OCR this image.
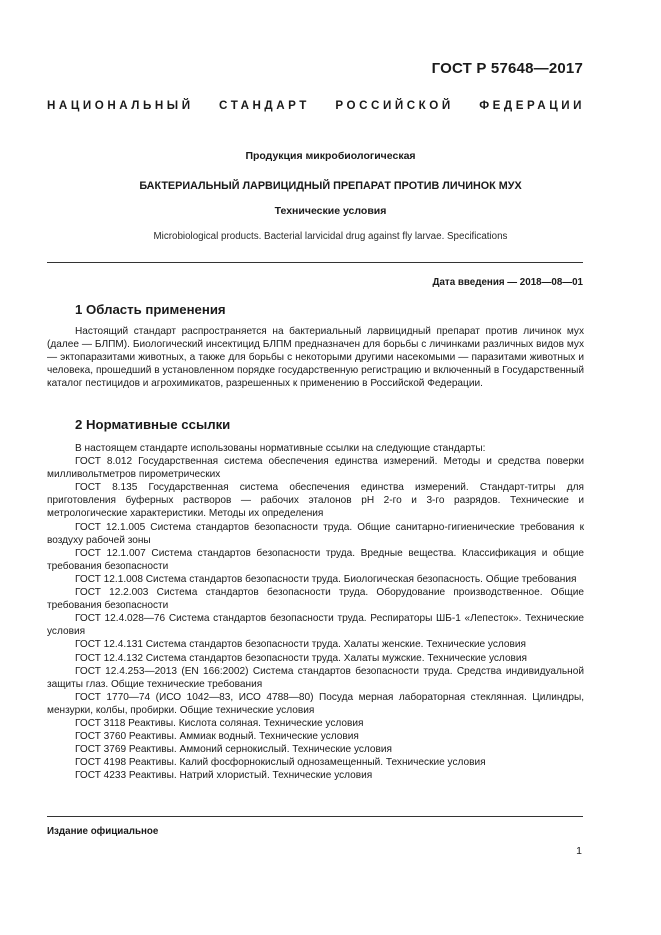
ГОСТ Р 57648—2017
НАЦИОНАЛЬНЫЙ СТАНДАРТ РОССИЙСКОЙ ФЕДЕРАЦИИ
Продукция микробиологическая
БАКТЕРИАЛЬНЫЙ ЛАРВИЦИДНЫЙ ПРЕПАРАТ ПРОТИВ ЛИЧИНОК МУХ
Технические условия
Microbiological products. Bacterial larvicidal drug against fly larvae. Specifications
Дата введения — 2018—08—01
1 Область применения
Настоящий стандарт распространяется на бактериальный ларвицидный препарат против личинок мух (далее — БЛПМ). Биологический инсектицид БЛПМ предназначен для борьбы с личинками различных видов мух — эктопаразитами животных, а также для борьбы с некоторыми другими насекомыми — паразитами животных и человека, прошедший в установленном порядке государственную регистрацию и включенный в Государственный каталог пестицидов и агрохимикатов, разрешенных к применению в Российской Федерации.
2 Нормативные ссылки

В настоящем стандарте использованы нормативные ссылки на следующие стандарты:

ГОСТ 8.012 Государственная система обеспечения единства измерений. Методы и средства поверки милливольтметров пирометрических

ГОСТ 8.135 Государственная система обеспечения единства измерений. Стандарт-титры для приготовления буферных растворов — рабочих эталонов pH 2-го и 3-го разрядов. Технические и метрологические характеристики. Методы их определения

ГОСТ 12.1.005 Система стандартов безопасности труда. Общие санитарно-гигиенические требования к воздуху рабочей зоны

ГОСТ 12.1.007 Система стандартов безопасности труда. Вредные вещества. Классификация и общие требования безопасности

ГОСТ 12.1.008 Система стандартов безопасности труда. Биологическая безопасность. Общие требования

ГОСТ 12.2.003 Система стандартов безопасности труда. Оборудование производственное. Общие требования безопасности

ГОСТ 12.4.028—76 Система стандартов безопасности труда. Респираторы ШБ-1 «Лепесток». Технические условия

ГОСТ 12.4.131 Система стандартов безопасности труда. Халаты женские. Технические условия

ГОСТ 12.4.132 Система стандартов безопасности труда. Халаты мужские. Технические условия

ГОСТ 12.4.253—2013 (EN 166:2002) Система стандартов безопасности труда. Средства индивидуальной защиты глаз. Общие технические требования

ГОСТ 1770—74 (ИСО 1042—83, ИСО 4788—80) Посуда мерная лабораторная стеклянная. Цилиндры, мензурки, колбы, пробирки. Общие технические условия

ГОСТ 3118 Реактивы. Кислота соляная. Технические условия

ГОСТ 3760 Реактивы. Аммиак водный. Технические условия

ГОСТ 3769 Реактивы. Аммоний сернокислый. Технические условия

ГОСТ 4198 Реактивы. Калий фосфорнокислый однозамещенный. Технические условия

ГОСТ 4233 Реактивы. Натрий хлористый. Технические условия

Издание официальное
1
